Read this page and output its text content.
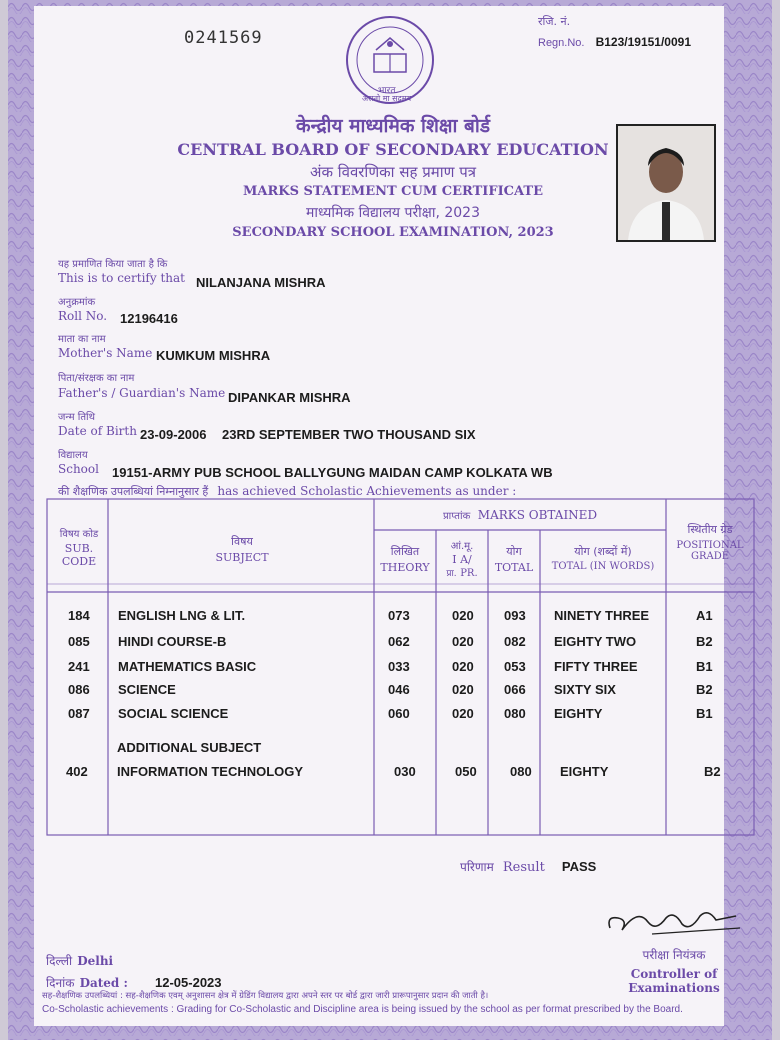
0241569
रजि. नं.
Regn.No. B123/19151/0091
भारत
असतो मा सद्गमय
केन्द्रीय माध्यमिक शिक्षा बोर्ड
CENTRAL BOARD OF SECONDARY EDUCATION
अंक विवरणिका सह प्रमाण पत्र
MARKS STATEMENT CUM CERTIFICATE
माध्यमिक विद्यालय परीक्षा, 2023
SECONDARY SCHOOL EXAMINATION, 2023
यह प्रमाणित किया जाता है कि
This is to certify that NILANJANA MISHRA
अनुक्रमांक
Roll No. 12196416
माता का नाम
Mother's Name KUMKUM MISHRA
पिता/संरक्षक का नाम
Father's / Guardian's Name DIPANKAR MISHRA
जन्म तिथि
Date of Birth 23-09-2006 23RD SEPTEMBER TWO THOUSAND SIX
विद्यालय
School 19151-ARMY PUB SCHOOL BALLYGUNG MAIDAN CAMP KOLKATA WB
की शैक्षणिक उपलब्धियां निम्नानुसार हैं has achieved Scholastic Achievements as under :
विषय कोड
SUB. CODE
विषय
SUBJECT
प्राप्तांक MARKS OBTAINED
लिखित
THEORY
आं.मू.
I A/
प्रा. PR.
योग
TOTAL
योग (शब्दों में)
TOTAL (IN WORDS)
स्थितीय ग्रेड
POSITIONAL GRADE
184 ENGLISH LNG & LIT.	073	020 093 NINETY THREE	A1
085 HINDI COURSE-B	062	020 082 EIGHTY TWO	B2
241 MATHEMATICS BASIC	033	020 053 FIFTY THREE	B1
086 SCIENCE	046	020 066 SIXTY SIX	B2
087 SOCIAL SCIENCE	060	020 080 EIGHTY	B1
ADDITIONAL SUBJECT
402 INFORMATION TECHNOLOGY	030	050	080 EIGHTY	B2
परिणाम Result PASS
दिल्ली Delhi
दिनांक Dated : 12-05-2023
परीक्षा नियंत्रक
Controller of Examinations
सह-शैक्षणिक उपलब्धियां : सह-शैक्षणिक एवम् अनुशासन क्षेत्र में ग्रेडिंग विद्यालय द्वारा अपने स्तर पर बोर्ड द्वारा जारी प्रारूपानुसार प्रदान की जाती है।
Co-Scholastic achievements : Grading for Co-Scholastic and Discipline area is being issued by the school as per format prescribed by the Board.
